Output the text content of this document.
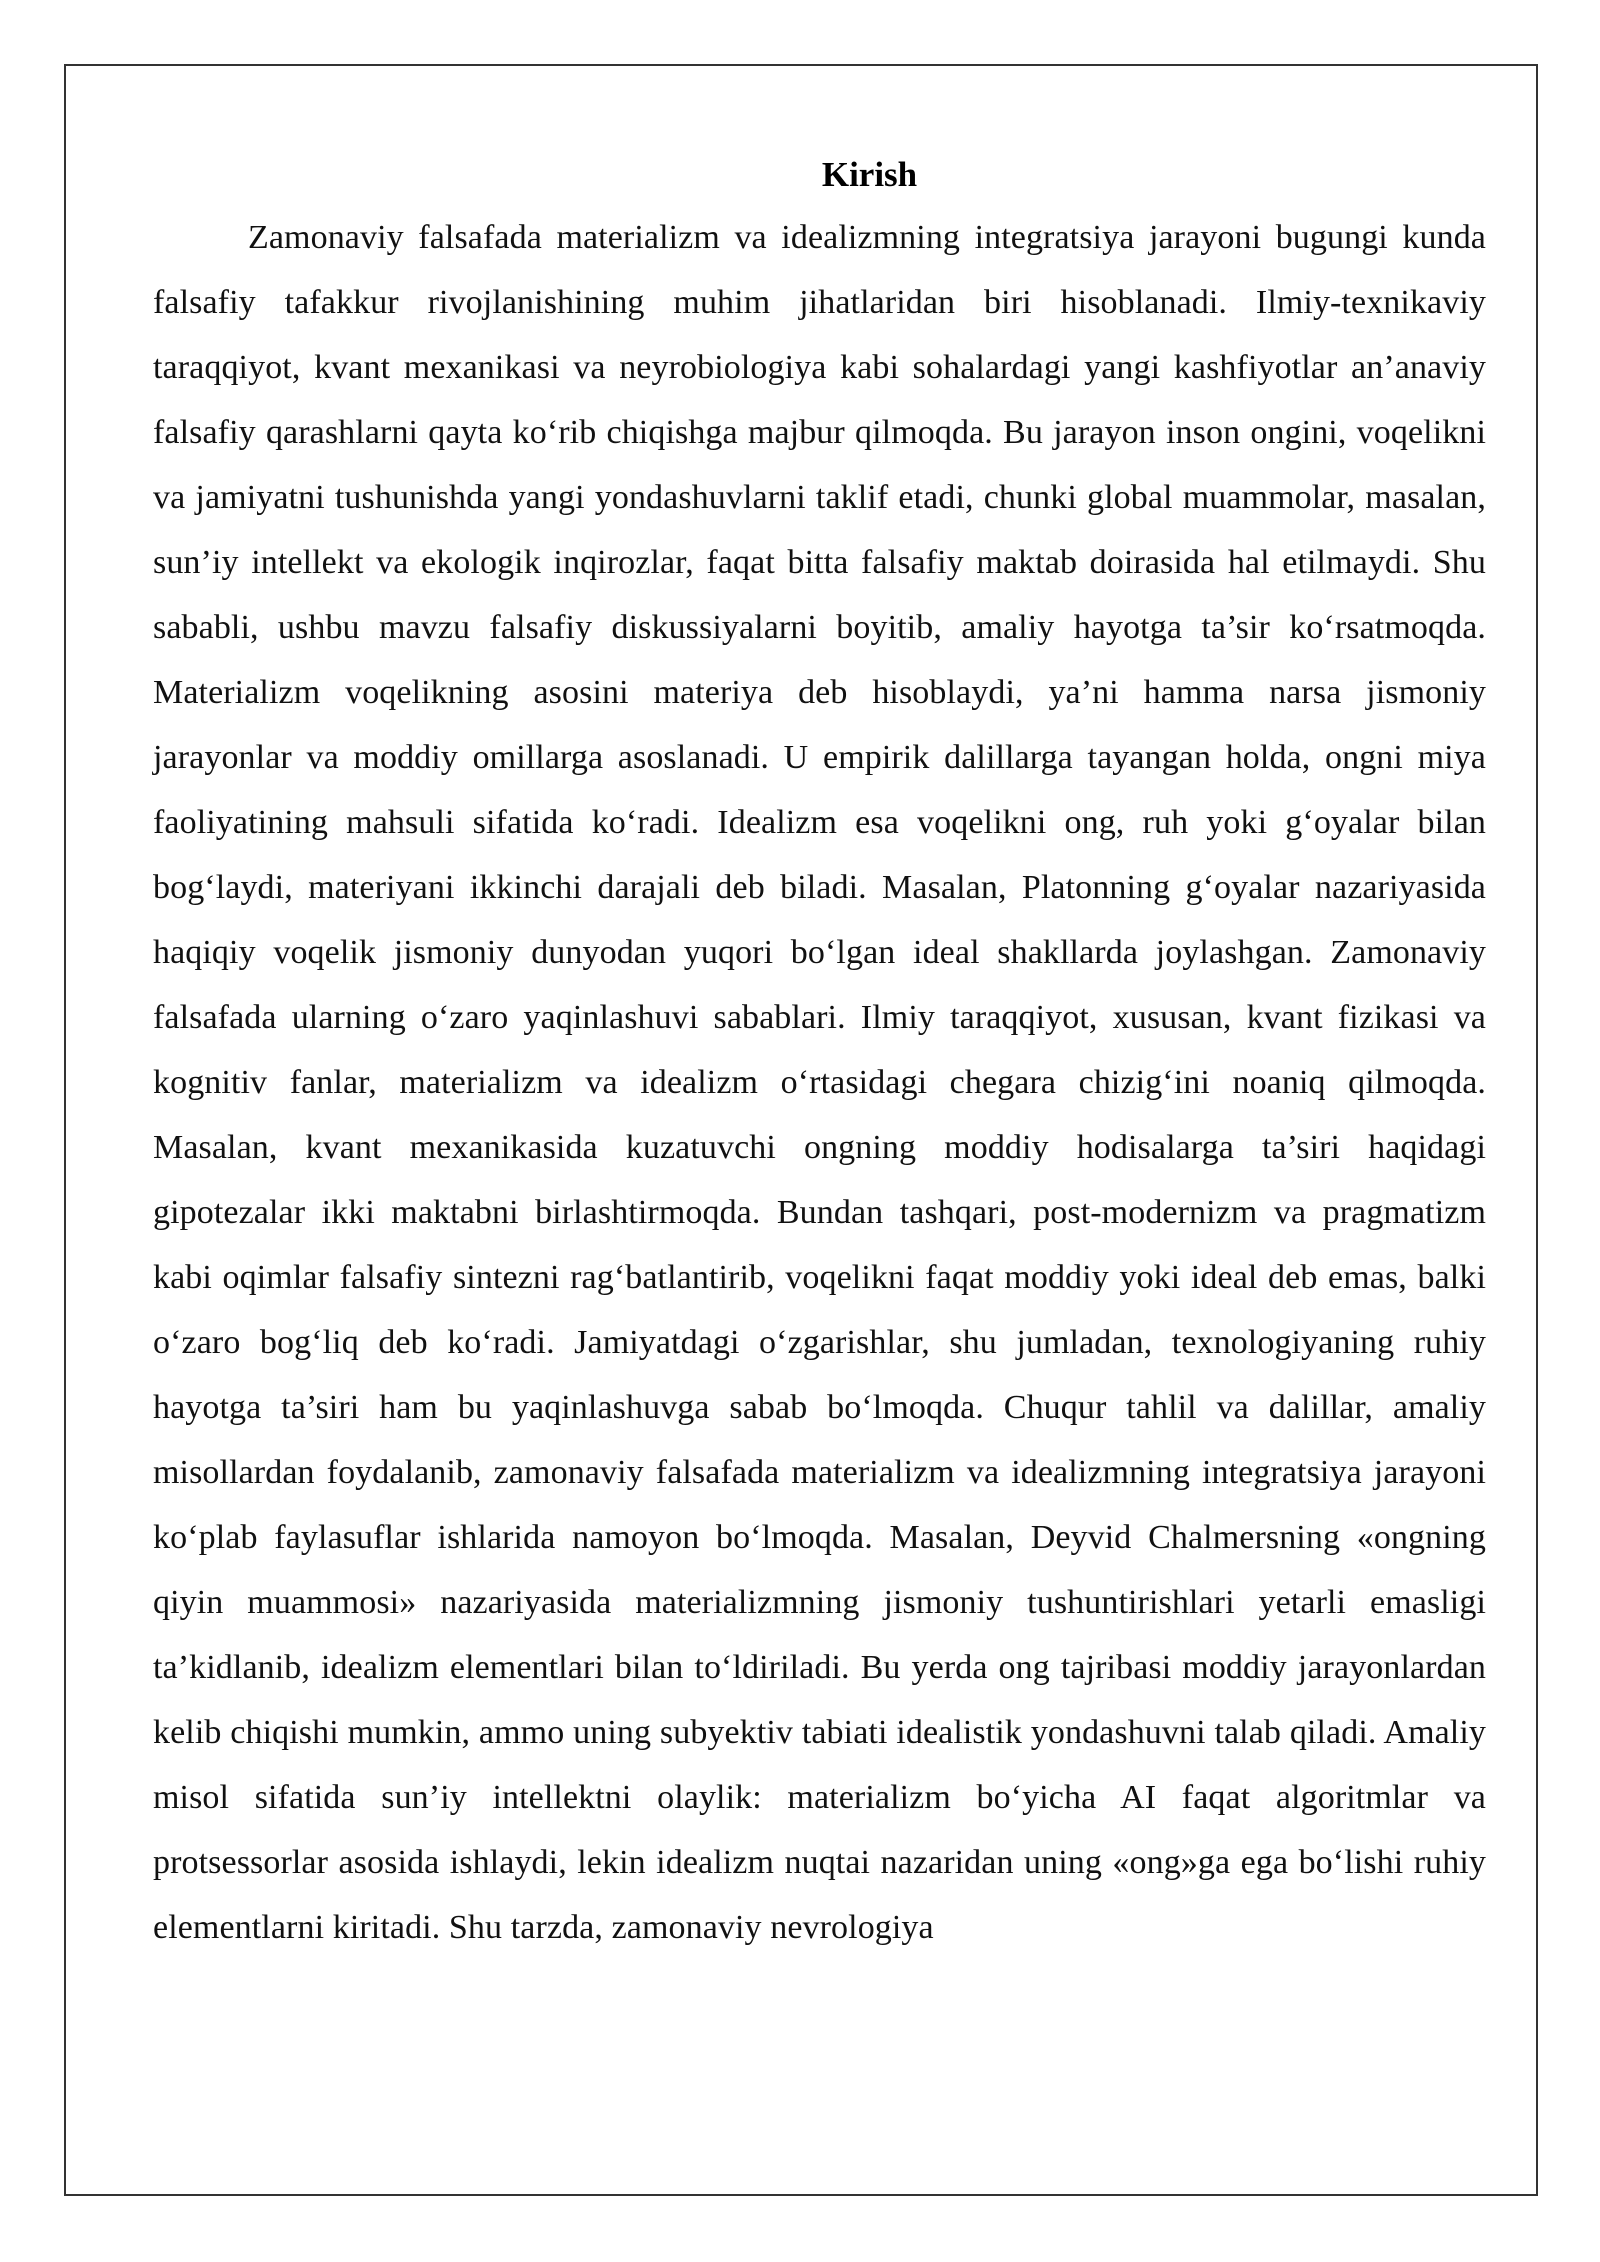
Kirish

Zamonaviy falsafada materializm va idealizmning integratsiya jarayoni bugungi kunda falsafiy tafakkur rivojlanishining muhim jihatlaridan biri hisoblanadi. Ilmiy-texnikaviy taraqqiyot, kvant mexanikasi va neyrobiologiya kabi sohalardagi yangi kashfiyotlar an’anaviy falsafiy qarashlarni qayta ko‘rib chiqishga majbur qilmoqda. Bu jarayon inson ongini, voqelikni va jamiyatni tushunishda yangi yondashuvlarni taklif etadi, chunki global muammolar, masalan, sun’iy intellekt va ekologik inqirozlar, faqat bitta falsafiy maktab doirasida hal etilmaydi. Shu sababli, ushbu mavzu falsafiy diskussiyalarni boyitib, amaliy hayotga ta’sir ko‘rsatmoqda. Materializm voqelikning asosini materiya deb hisoblaydi, ya’ni hamma narsa jismoniy jarayonlar va moddiy omillarga asoslanadi. U empirik dalillarga tayangan holda, ongni miya faoliyatining mahsuli sifatida ko‘radi. Idealizm esa voqelikni ong, ruh yoki g‘oyalar bilan bog‘laydi, materiyani ikkinchi darajali deb biladi. Masalan, Platonning g‘oyalar nazariyasida haqiqiy voqelik jismoniy dunyodan yuqori bo‘lgan ideal shakllarda joylashgan. Zamonaviy falsafada ularning o‘zaro yaqinlashuvi sabablari. Ilmiy taraqqiyot, xususan, kvant fizikasi va kognitiv fanlar, materializm va idealizm o‘rtasidagi chegara chizig‘ini noaniq qilmoqda. Masalan, kvant mexanikasida kuzatuvchi ongning moddiy hodisalarga ta’siri haqidagi gipotezalar ikki maktabni birlashtirmoqda. Bundan tashqari, post-modernizm va pragmatizm kabi oqimlar falsafiy sintezni rag‘batlantirib, voqelikni faqat moddiy yoki ideal deb emas, balki o‘zaro bog‘liq deb ko‘radi. Jamiyatdagi o‘zgarishlar, shu jumladan, texnologiyaning ruhiy hayotga ta’siri ham bu yaqinlashuvga sabab bo‘lmoqda. Chuqur tahlil va dalillar, amaliy misollardan foydalanib, zamonaviy falsafada materializm va idealizmning integratsiya jarayoni ko‘plab faylasuflar ishlarida namoyon bo‘lmoqda. Masalan, Deyvid Chalmersning «ongning qiyin muammosi» nazariyasida materializmning jismoniy tushuntirishlari yetarli emasligi ta’kidlanib, idealizm elementlari bilan to‘ldiriladi. Bu yerda ong tajribasi moddiy jarayonlardan kelib chiqishi mumkin, ammo uning subyektiv tabiati idealistik yondashuvni talab qiladi. Amaliy misol sifatida sun’iy intellektni olaylik: materializm bo‘yicha AI faqat algoritmlar va protsessorlar asosida ishlaydi, lekin idealizm nuqtai nazaridan uning «ong»ga ega bo‘lishi ruhiy elementlarni kiritadi. Shu tarzda, zamonaviy nevrologiya
